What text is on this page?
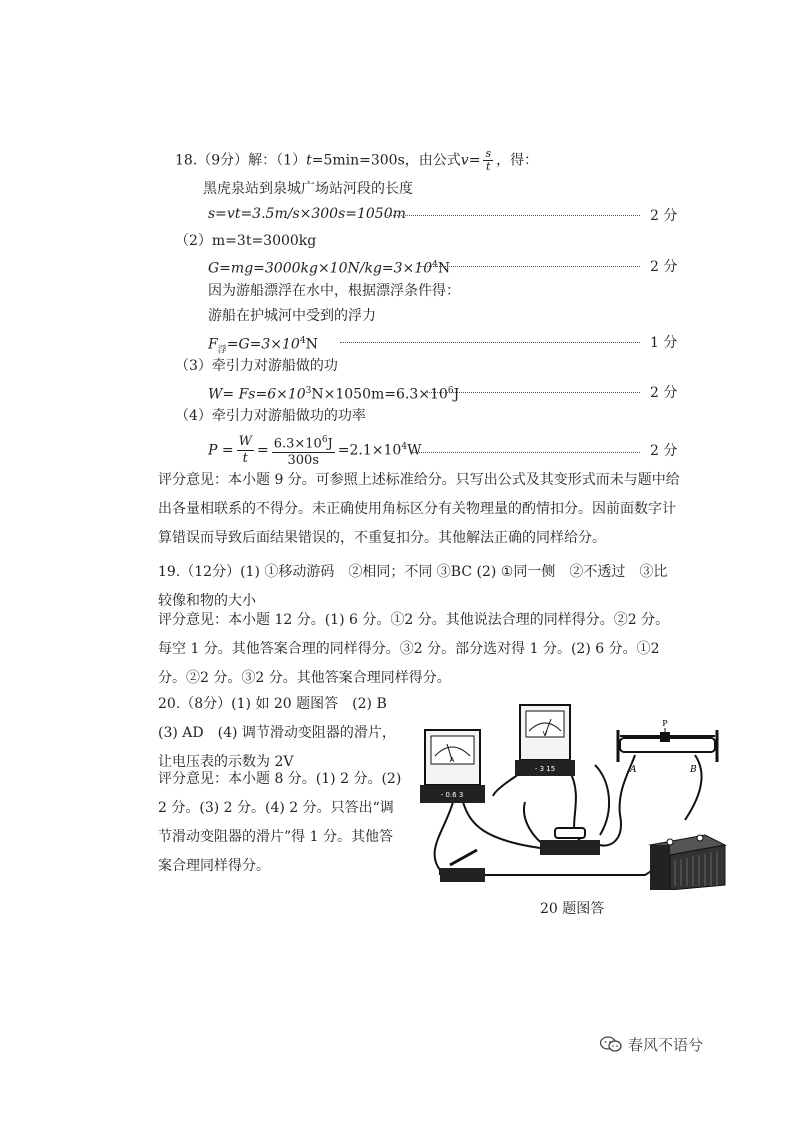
18.（9分）解：（1）t=5min=300s，由公式$v= \frac{s}{t}$ ，得：
黑虎泉站到泉城广场站河段的长度
s=vt=3.5m/s×300s=1050m	2 分
（2）m=3t=3000kg
$G=mg=3000kg\times 10N/kg=3\times 10^4N$	2 分
因为游船漂浮在水中，根据漂浮条件得：
游船在护城河中受到的浮力
$F_浮=G=3\times 10^4N$	1 分
（3）牵引力对游船做的功
$W= Fs=6\times 10^3N\times 1050m=6.3\times 10^6J$	2 分
（4）牵引力对游船做功的功率
$P = \frac{W}{t} = \frac{6.3\times 10^6J}{300s} =2.1\times 10^4W$	2 分
评分意见：本小题 9 分。可参照上述标准给分。只写出公式及其变形式而未与题中给出各量相联系的不得分。未正确使用角标区分有关物理量的酌情扣分。因前面数字计算错误而导致后面结果错误的，不重复扣分。其他解法正确的同样给分。
19.（12分）(1) ①移动游码　②相同；不同 ③BC (2) ①同一侧　②不透过　③比较像和物的大小
评分意见：本小题 12 分。(1) 6 分。①2 分。其他说法合理的同样得分。②2 分。每空 1 分。其他答案合理的同样得分。③2 分。部分选对得 1 分。(2) 6 分。①2 分。②2 分。③2 分。其他答案合理同样得分。
20.（8分）(1) 如 20 题图答　(2) B　(3) AD　(4) 调节滑动变阻器的滑片，让电压表的示数为 2V
评分意见：本小题 8 分。(1) 2 分。(2) 2 分。(3) 2 分。(4) 2 分。只答出“调节滑动变阻器的滑片”得 1 分。其他答案合理同样得分。
A
- 0.6 3
V
- 3 15
P
A	B
20 题图答
春风不语兮
